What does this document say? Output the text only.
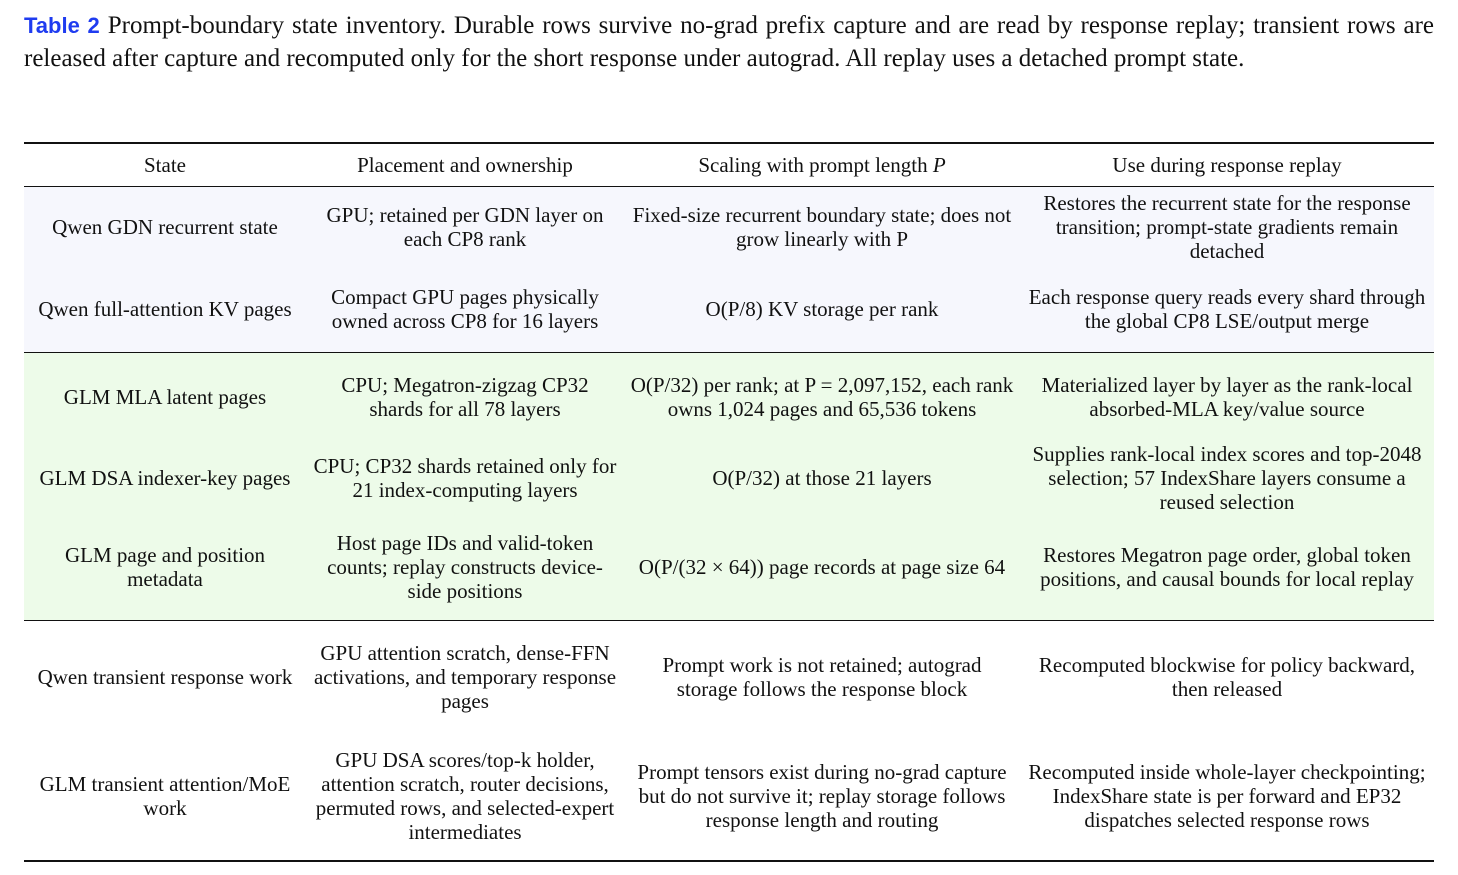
Table 2 Prompt-boundary state inventory. Durable rows survive no-grad prefix capture and are read by response replay; transient rows are released after capture and recomputed only for the short response under autograd. All replay uses a detached prompt state.
State	Placement and ownership	Scaling with prompt length P	Use during response replay
Qwen GDN recurrent state	GPU; retained per GDN layer on each CP8 rank	Fixed-size recurrent boundary state; does not grow linearly with P	Restores the recurrent state for the response transition; prompt-state gradients remain detached
Qwen full-attention KV pages	Compact GPU pages physically owned across CP8 for 16 layers	O(P/8) KV storage per rank	Each response query reads every shard through the global CP8 LSE/output merge
GLM MLA latent pages	CPU; Megatron-zigzag CP32 shards for all 78 layers	O(P/32) per rank; at P = 2,097,152, each rank owns 1,024 pages and 65,536 tokens	Materialized layer by layer as the rank-local absorbed-MLA key/value source
GLM DSA indexer-key pages	CPU; CP32 shards retained only for 21 index-computing layers	O(P/32) at those 21 layers	Supplies rank-local index scores and top-2048 selection; 57 IndexShare layers consume a reused selection
GLM page and position metadata	Host page IDs and valid-token counts; replay constructs device-side positions	O(P/(32 × 64)) page records at page size 64	Restores Megatron page order, global token positions, and causal bounds for local replay
Qwen transient response work	GPU attention scratch, dense-FFN activations, and temporary response pages	Prompt work is not retained; autograd storage follows the response block	Recomputed blockwise for policy backward, then released
GLM transient attention/MoE work	GPU DSA scores/top-k holder, attention scratch, router decisions, permuted rows, and selected-expert intermediates	Prompt tensors exist during no-grad capture but do not survive it; replay storage follows response length and routing	Recomputed inside whole-layer checkpointing; IndexShare state is per forward and EP32 dispatches selected response rows
